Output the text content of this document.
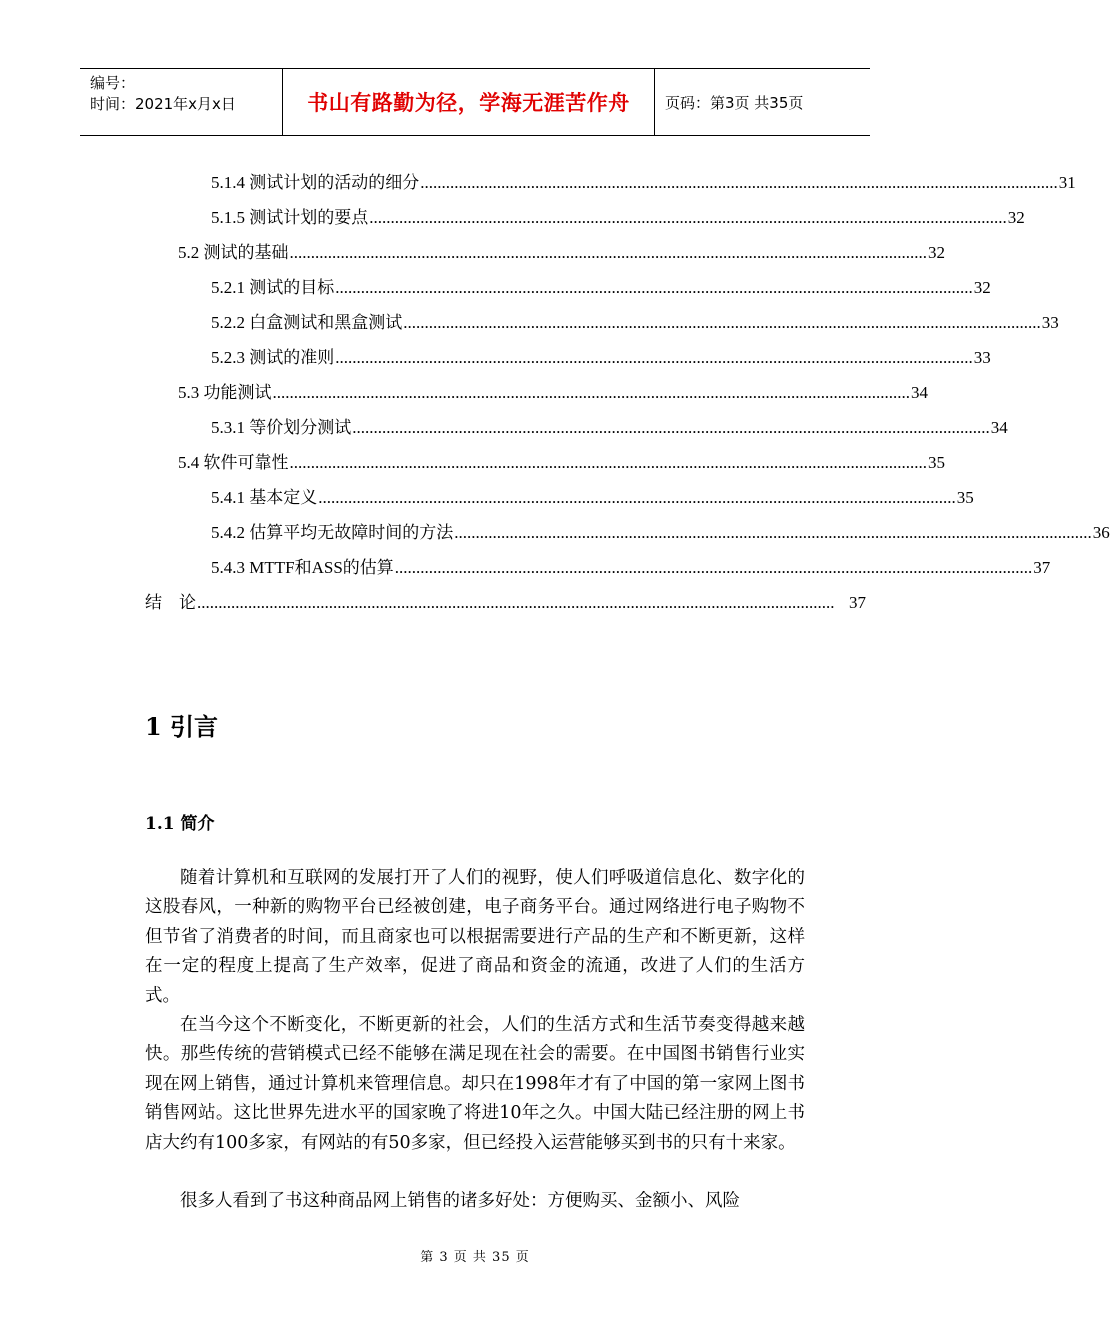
编号：
时间：2021年x月x日	书山有路勤为径，学海无涯苦作舟	页码：第3页 共35页
5.1.4 测试计划的活动的细分 ...................................................................................................................................................... 31
5.1.5 测试计划的要点 ...................................................................................................................................................... 32
5.2 测试的基础 ...................................................................................................................................................... 32
5.2.1 测试的目标 ...................................................................................................................................................... 32
5.2.2 白盒测试和黑盒测试 ...................................................................................................................................................... 33
5.2.3 测试的准则 ...................................................................................................................................................... 33
5.3 功能测试 ...................................................................................................................................................... 34
5.3.1 等价划分测试 ...................................................................................................................................................... 34
5.4 软件可靠性 ...................................................................................................................................................... 35
5.4.1 基本定义 ...................................................................................................................................................... 35
5.4.2 估算平均无故障时间的方法 ...................................................................................................................................................... 36
5.4.3 MTTF和ASS的估算 ...................................................................................................................................................... 37
结    论 ...................................................................................................................................................... 37
1 引言
1.1 简介
随着计算机和互联网的发展打开了人们的视野，使人们呼吸道信息化、数字化的这股春风，一种新的购物平台已经被创建，电子商务平台。通过网络进行电子购物不但节省了消费者的时间，而且商家也可以根据需要进行产品的生产和不断更新，这样在一定的程度上提高了生产效率，促进了商品和资金的流通，改进了人们的生活方式。
在当今这个不断变化，不断更新的社会，人们的生活方式和生活节奏变得越来越快。那些传统的营销模式已经不能够在满足现在社会的需要。在中国图书销售行业实现在网上销售，通过计算机来管理信息。却只在1998年才有了中国的第一家网上图书销售网站。这比世界先进水平的国家晚了将进10年之久。中国大陆已经注册的网上书店大约有100多家，有网站的有50多家，但已经投入运营能够买到书的只有十来家。
很多人看到了书这种商品网上销售的诸多好处：方便购买、金额小、风险
第 3 页 共 35 页
